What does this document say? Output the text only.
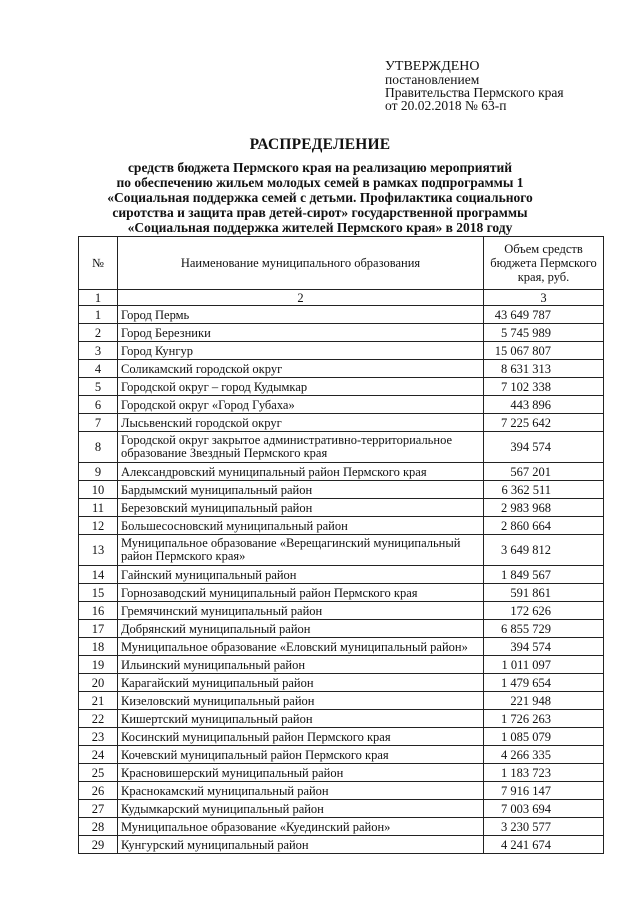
УТВЕРЖДЕНО
постановлением
Правительства Пермского края
от 20.02.2018 № 63-п
РАСПРЕДЕЛЕНИЕ
средств бюджета Пермского края на реализацию мероприятий
по обеспечению жильем молодых семей в рамках подпрограммы 1
«Социальная поддержка семей с детьми. Профилактика социального
сиротства и защита прав детей-сирот» государственной программы
«Социальная поддержка жителей Пермского края» в 2018 году
№	Наименование муниципального образования	Объем средств бюджета Пермского края, руб.
1	2	3
1	Город Пермь	43 649 787
2	Город Березники	5 745 989
3	Город Кунгур	15 067 807
4	Соликамский городской округ	8 631 313
5	Городской округ – город Кудымкар	7 102 338
6	Городской округ «Город Губаха»	443 896
7	Лысьвенский городской округ	7 225 642
8	Городской округ закрытое административно-территориальное образование Звездный Пермского края	394 574
9	Александровский муниципальный район Пермского края	567 201
10	Бардымский муниципальный район	6 362 511
11	Березовский муниципальный район	2 983 968
12	Большесосновский муниципальный район	2 860 664
13	Муниципальное образование «Верещагинский муниципальный район Пермского края»	3 649 812
14	Гайнский муниципальный район	1 849 567
15	Горнозаводский муниципальный район Пермского края	591 861
16	Гремячинский муниципальный район	172 626
17	Добрянский муниципальный район	6 855 729
18	Муниципальное образование «Еловский муниципальный район»	394 574
19	Ильинский муниципальный район	1 011 097
20	Карагайский муниципальный район	1 479 654
21	Кизеловский муниципальный район	221 948
22	Кишертский муниципальный район	1 726 263
23	Косинский муниципальный район Пермского края	1 085 079
24	Кочевский муниципальный район Пермского края	4 266 335
25	Красновишерский муниципальный район	1 183 723
26	Краснокамский муниципальный район	7 916 147
27	Кудымкарский муниципальный район	7 003 694
28	Муниципальное образование «Куединский район»	3 230 577
29	Кунгурский муниципальный район	4 241 674
